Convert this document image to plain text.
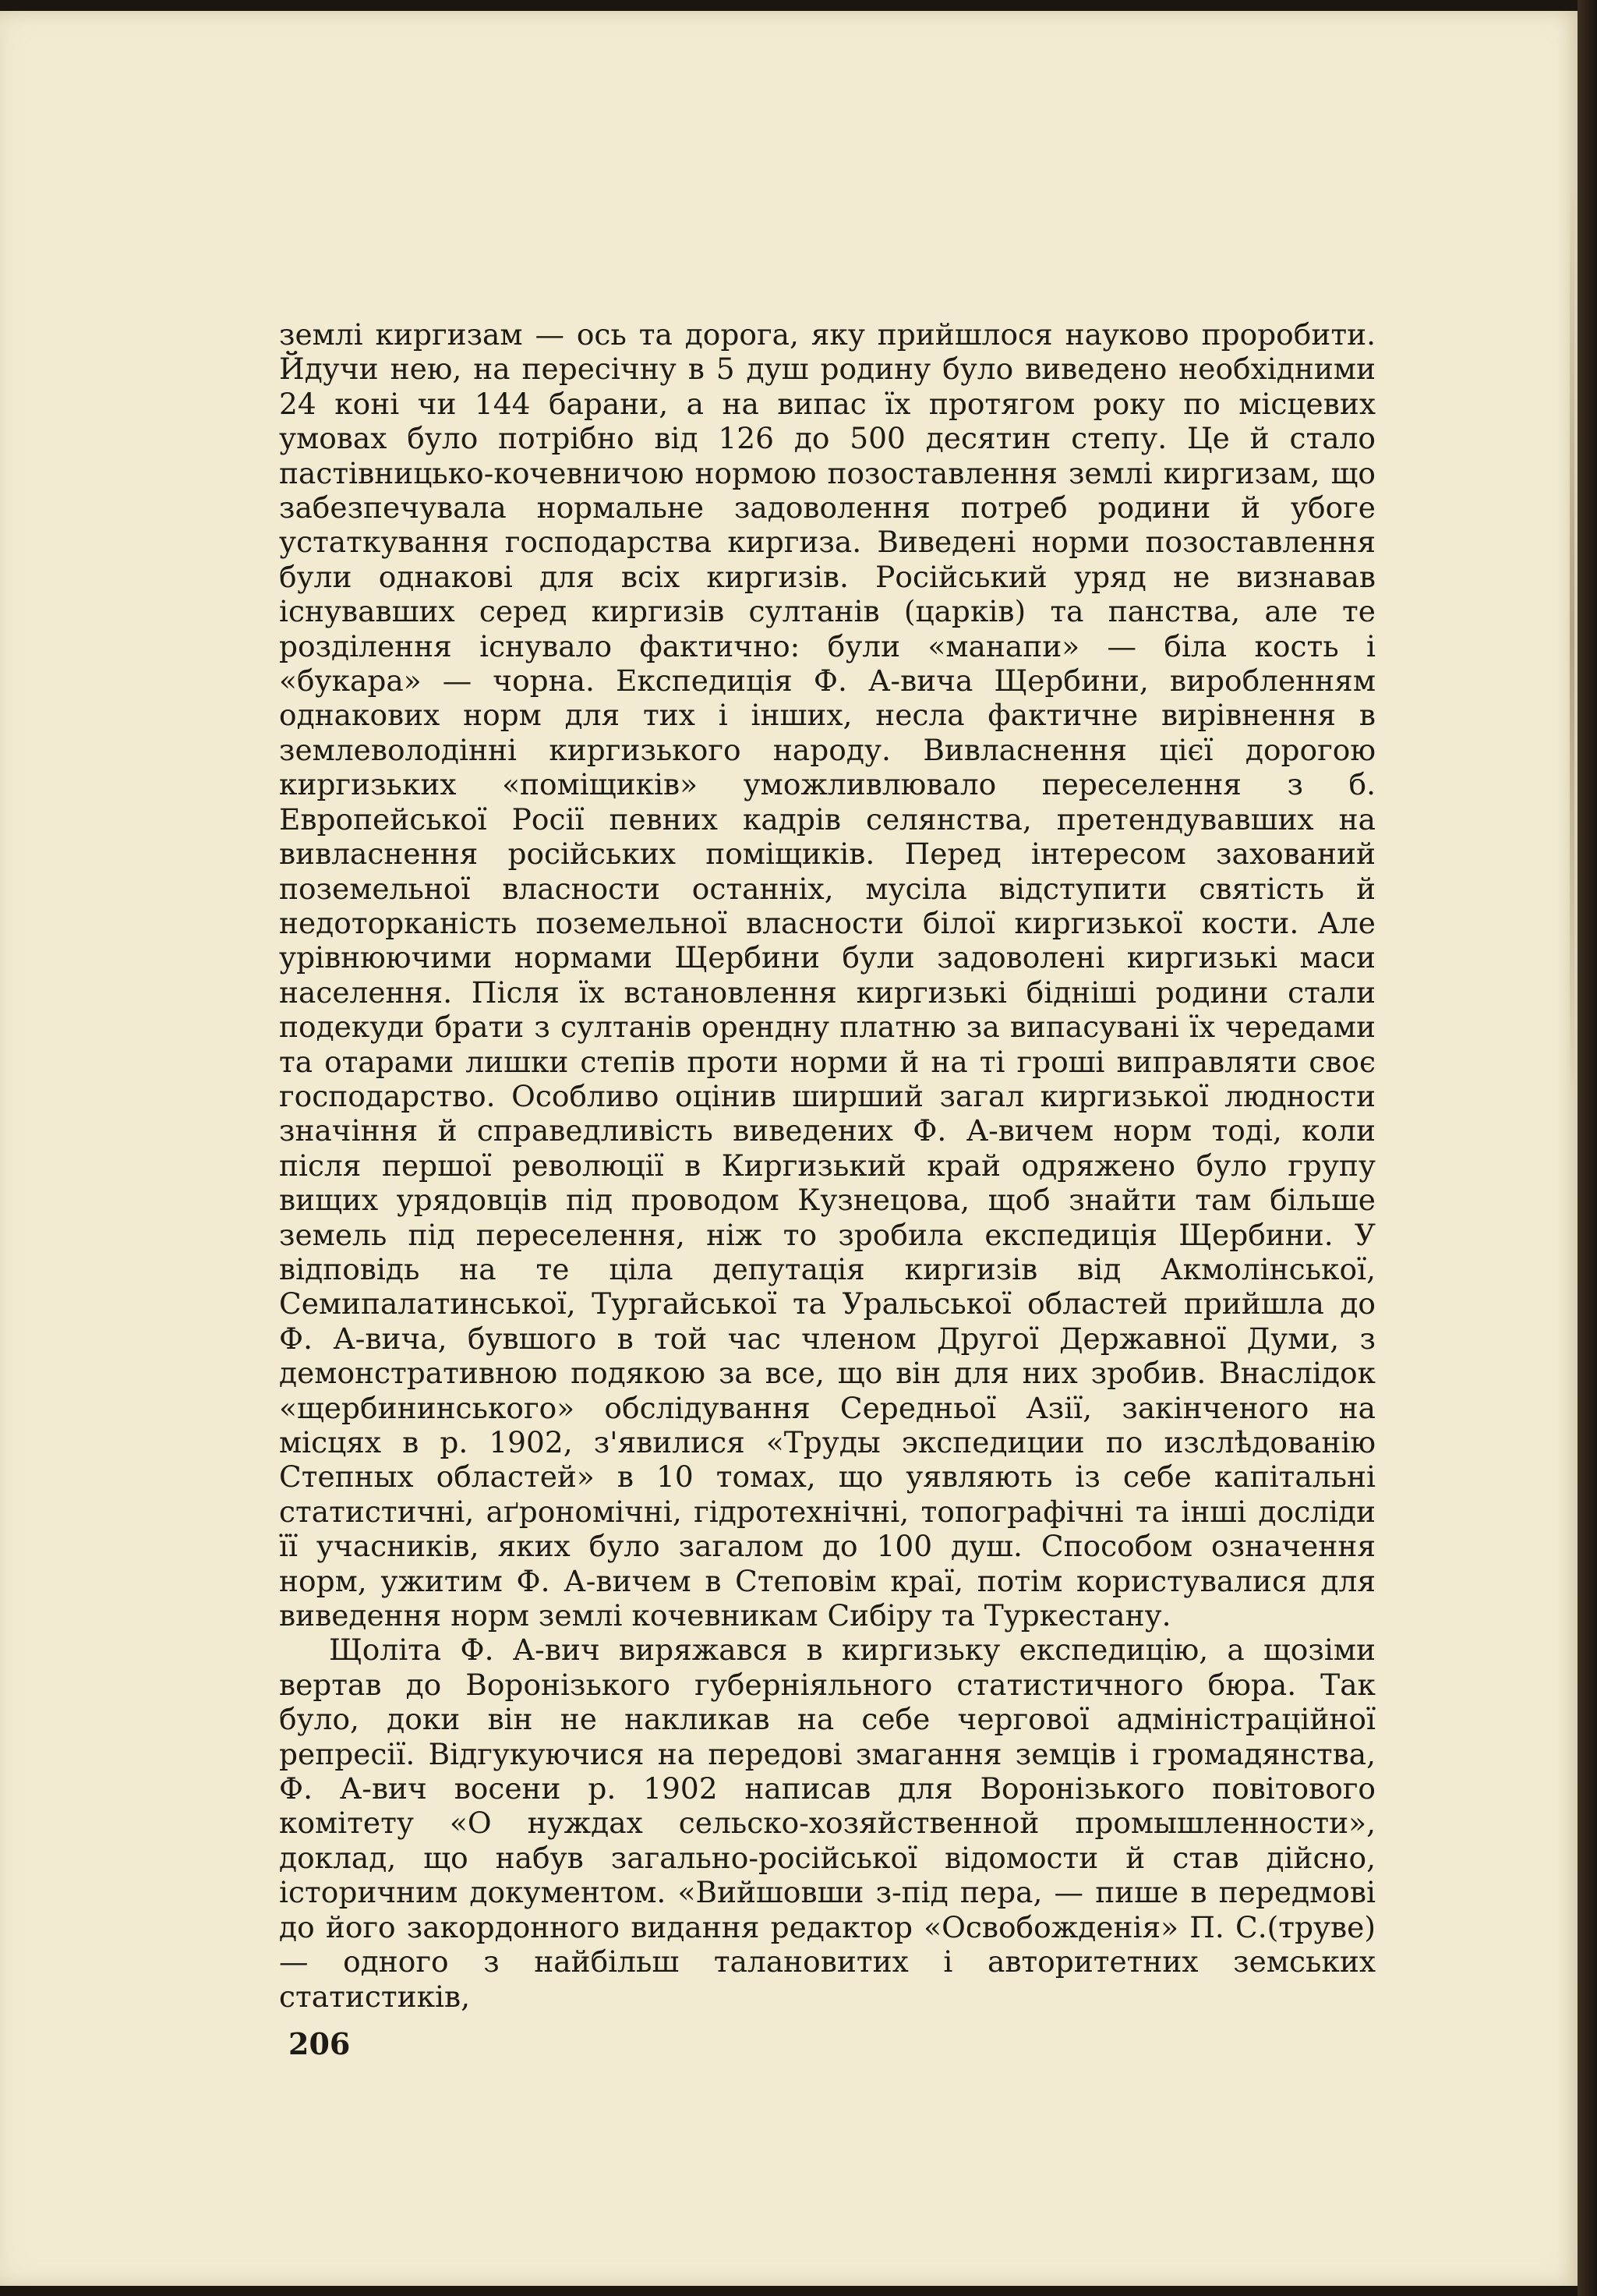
землі киргизам — ось та дорога, яку прийшлося науково проробити. Йдучи нею, на пересічну в 5 душ родину було виведено необхідними 24 коні чи 144 барани, а на випас їх протягом року по місцевих умовах було потрібно від 126 до 500 десятин степу. Це й стало пастівницько-кочевничою нормою позоставлення землі киргизам, що забезпечувала нормальне задоволення потреб родини й убоге устаткування господарства киргиза. Виведені норми позоставлення були однакові для всіх киргизів. Російський уряд не визнавав існувавших серед киргизів султанів (царків) та панства, але те розділення існувало фактично: були «манапи» — біла кость і «букара» — чорна. Експедиція Ф. А-вича Щербини, виробленням однакових норм для тих і інших, несла фактичне вирівнення в землеволодінні киргизького народу. Вивласнення цієї дорогою киргизьких «поміщиків» уможливлювало переселення з б. Европейської Росії певних кадрів селянства, претендувавших на вивласнення російських поміщиків. Перед інтересом захований поземельної власности останніх, мусіла відступити святість й недоторканість поземельної власности білої киргизької кости. Але урівнюючими нормами Щербини були задоволені киргизькі маси населення. Після їх встановлення киргизькі бідніші родини стали подекуди брати з султанів орендну платню за випасувані їх чередами та отарами лишки степів проти норми й на ті гроші виправляти своє господарство. Особливо оцінив ширший загал киргизької людности значіння й справедливість виведених Ф. А-вичем норм тоді, коли після першої революції в Киргизький край одряжено було групу вищих урядовців під проводом Кузнецова, щоб знайти там більше земель під переселення, ніж то зробила експедиція Щербини. У відповідь на те ціла депутація киргизів від Акмолінської, Семипалатинської, Тургайської та Уральської областей прийшла до Ф. А-вича, бувшого в той час членом Другої Державної Думи, з демонстративною подякою за все, що він для них зробив. Внаслідок «щербининського» обслідування Середньої Азії, закінченого на місцях в р. 1902, з'явилися «Труды экспедиции по изслѣдованію Степных областей» в 10 томах, що уявляють із себе капітальні статистичні, аґрономічні, гідротехнічні, топографічні та інші досліди її учасників, яких було загалом до 100 душ. Способом означення норм, ужитим Ф. А-вичем в Степовім краї, потім користувалися для виведення норм землі кочевникам Сибіру та Туркестану.

Щоліта Ф. А-вич виряжався в киргизьку експедицію, а щозіми вертав до Воронізького губерніяльного статистичного бюра. Так було, доки він не накликав на себе чергової адміністраційної репресії. Відгукуючися на передові змагання земців і громадянства, Ф. А-вич восени р. 1902 написав для Воронізького повітового комітету «О нуждах сельско-хозяйственной промышленности», доклад, що набув загально-російської відомости й став дійсно, історичним документом. «Вийшовши з-під пера, — пише в передмові до його закордонного видання редактор «Освобожденія» П. С.(труве) — одного з найбільш талановитих і авторитетних земських статистиків,

206
